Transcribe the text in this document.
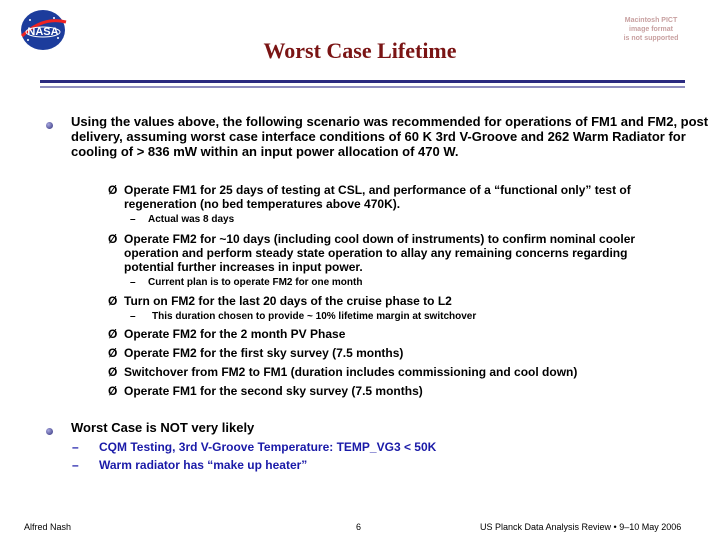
NASA
Macintosh PICT
image format
is not supported
Worst Case Lifetime
Using the values above, the following scenario was recommended for operations of FM1 and FM2, post delivery, assuming worst case interface conditions of 60 K 3rd V-Groove and 262 Warm Radiator for cooling of > 836 mW within an input power allocation of 470 W.
Ø Operate FM1 for 25 days of testing at CSL, and performance of a “functional only” test of
regeneration (no bed temperatures above 470K).
– Actual was 8 days
Ø Operate FM2 for ~10 days (including cool down of instruments) to confirm nominal cooler
operation and perform steady state operation to allay any remaining concerns regarding
potential further increases in input power.
– Current plan is to operate FM2 for one month
Ø Turn on FM2 for the last 20 days of the cruise phase to L2
– This duration chosen to provide ~ 10% lifetime margin at switchover
Ø Operate FM2 for the 2 month PV Phase
Ø Operate FM2 for the first sky survey (7.5 months)
Ø Switchover from FM2 to FM1 (duration includes commissioning and cool down)
Ø Operate FM1 for the second sky survey (7.5 months)
Worst Case is NOT very likely
– CQM Testing, 3rd V-Groove Temperature: TEMP_VG3 < 50K
– Warm radiator has “make up heater”
Alfred Nash	6	US Planck Data Analysis Review • 9–10 May 2006
